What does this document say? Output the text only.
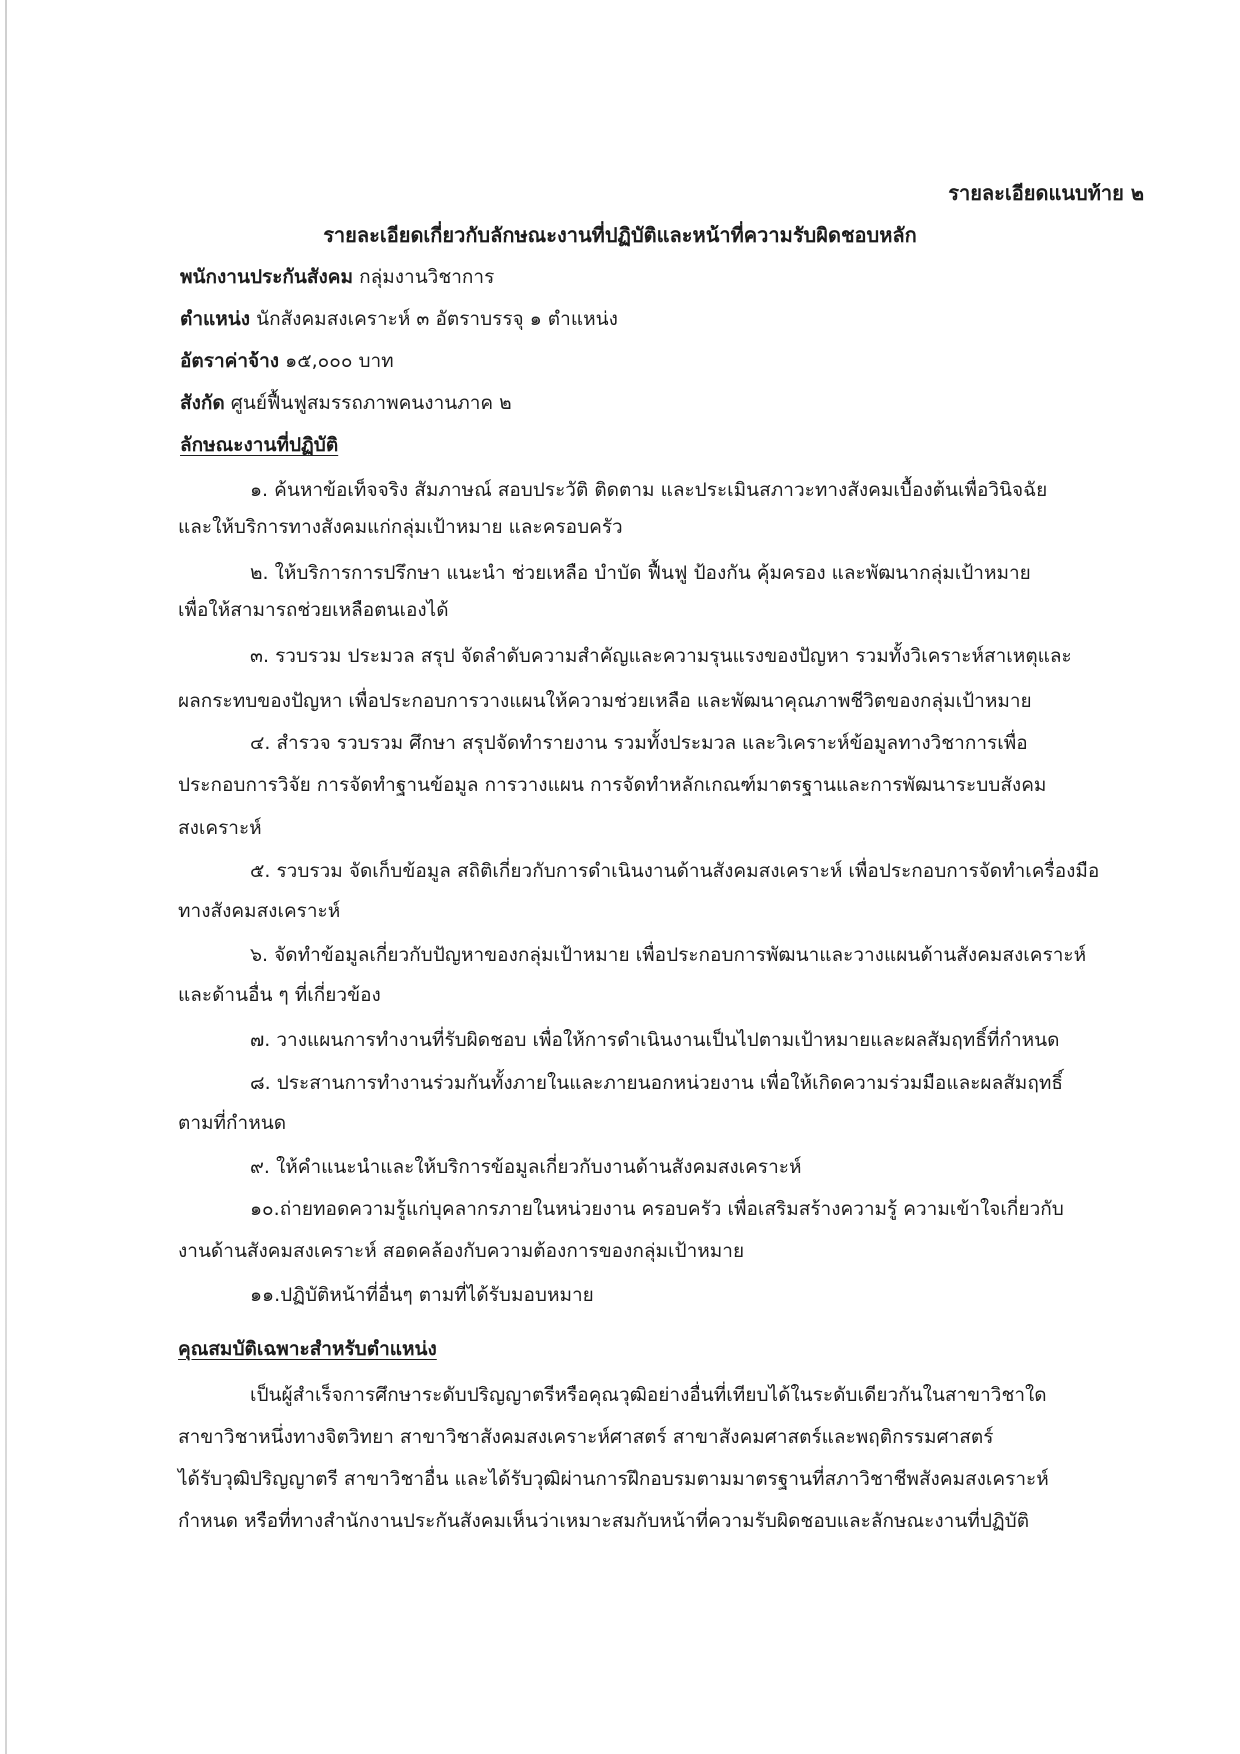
รายละเอียดแนบท้าย ๒
รายละเอียดเกี่ยวกับลักษณะงานที่ปฏิบัติและหน้าที่ความรับผิดชอบหลัก
พนักงานประกันสังคม กลุ่มงานวิชาการ
ตำแหน่ง นักสังคมสงเคราะห์ ๓ อัตราบรรจุ ๑ ตำแหน่ง
อัตราค่าจ้าง ๑๕,๐๐๐ บาท
สังกัด ศูนย์ฟื้นฟูสมรรถภาพคนงานภาค ๒
ลักษณะงานที่ปฏิบัติ
๑. ค้นหาข้อเท็จจริง สัมภาษณ์ สอบประวัติ ติดตาม และประเมินสภาวะทางสังคมเบื้องต้นเพื่อวินิจฉัย
และให้บริการทางสังคมแก่กลุ่มเป้าหมาย และครอบครัว
๒. ให้บริการการปรึกษา แนะนำ ช่วยเหลือ บำบัด ฟื้นฟู ป้องกัน คุ้มครอง และพัฒนากลุ่มเป้าหมาย
เพื่อให้สามารถช่วยเหลือตนเองได้
๓. รวบรวม ประมวล สรุป จัดลำดับความสำคัญและความรุนแรงของปัญหา รวมทั้งวิเคราะห์สาเหตุและ
ผลกระทบของปัญหา เพื่อประกอบการวางแผนให้ความช่วยเหลือ และพัฒนาคุณภาพชีวิตของกลุ่มเป้าหมาย
๔. สำรวจ รวบรวม ศึกษา สรุปจัดทำรายงาน รวมทั้งประมวล และวิเคราะห์ข้อมูลทางวิชาการเพื่อ
ประกอบการวิจัย การจัดทำฐานข้อมูล การวางแผน การจัดทำหลักเกณฑ์มาตรฐานและการพัฒนาระบบสังคม
สงเคราะห์
๕. รวบรวม จัดเก็บข้อมูล สถิติเกี่ยวกับการดำเนินงานด้านสังคมสงเคราะห์ เพื่อประกอบการจัดทำเครื่องมือ
ทางสังคมสงเคราะห์
๖. จัดทำข้อมูลเกี่ยวกับปัญหาของกลุ่มเป้าหมาย เพื่อประกอบการพัฒนาและวางแผนด้านสังคมสงเคราะห์
และด้านอื่น ๆ ที่เกี่ยวข้อง
๗. วางแผนการทำงานที่รับผิดชอบ เพื่อให้การดำเนินงานเป็นไปตามเป้าหมายและผลสัมฤทธิ์ที่กำหนด
๘. ประสานการทำงานร่วมกันทั้งภายในและภายนอกหน่วยงาน เพื่อให้เกิดความร่วมมือและผลสัมฤทธิ์
ตามที่กำหนด
๙. ให้คำแนะนำและให้บริการข้อมูลเกี่ยวกับงานด้านสังคมสงเคราะห์
๑๐.ถ่ายทอดความรู้แก่บุคลากรภายในหน่วยงาน ครอบครัว เพื่อเสริมสร้างความรู้ ความเข้าใจเกี่ยวกับ
งานด้านสังคมสงเคราะห์ สอดคล้องกับความต้องการของกลุ่มเป้าหมาย
๑๑.ปฏิบัติหน้าที่อื่นๆ ตามที่ได้รับมอบหมาย
คุณสมบัติเฉพาะสำหรับตำแหน่ง
เป็นผู้สำเร็จการศึกษาระดับปริญญาตรีหรือคุณวุฒิอย่างอื่นที่เทียบได้ในระดับเดียวกันในสาขาวิชาใด
สาขาวิชาหนึ่งทางจิตวิทยา สาขาวิชาสังคมสงเคราะห์ศาสตร์ สาขาสังคมศาสตร์และพฤติกรรมศาสตร์
ได้รับวุฒิปริญญาตรี สาขาวิชาอื่น และได้รับวุฒิผ่านการฝึกอบรมตามมาตรฐานที่สภาวิชาชีพสังคมสงเคราะห์
กำหนด หรือที่ทางสำนักงานประกันสังคมเห็นว่าเหมาะสมกับหน้าที่ความรับผิดชอบและลักษณะงานที่ปฏิบัติ
